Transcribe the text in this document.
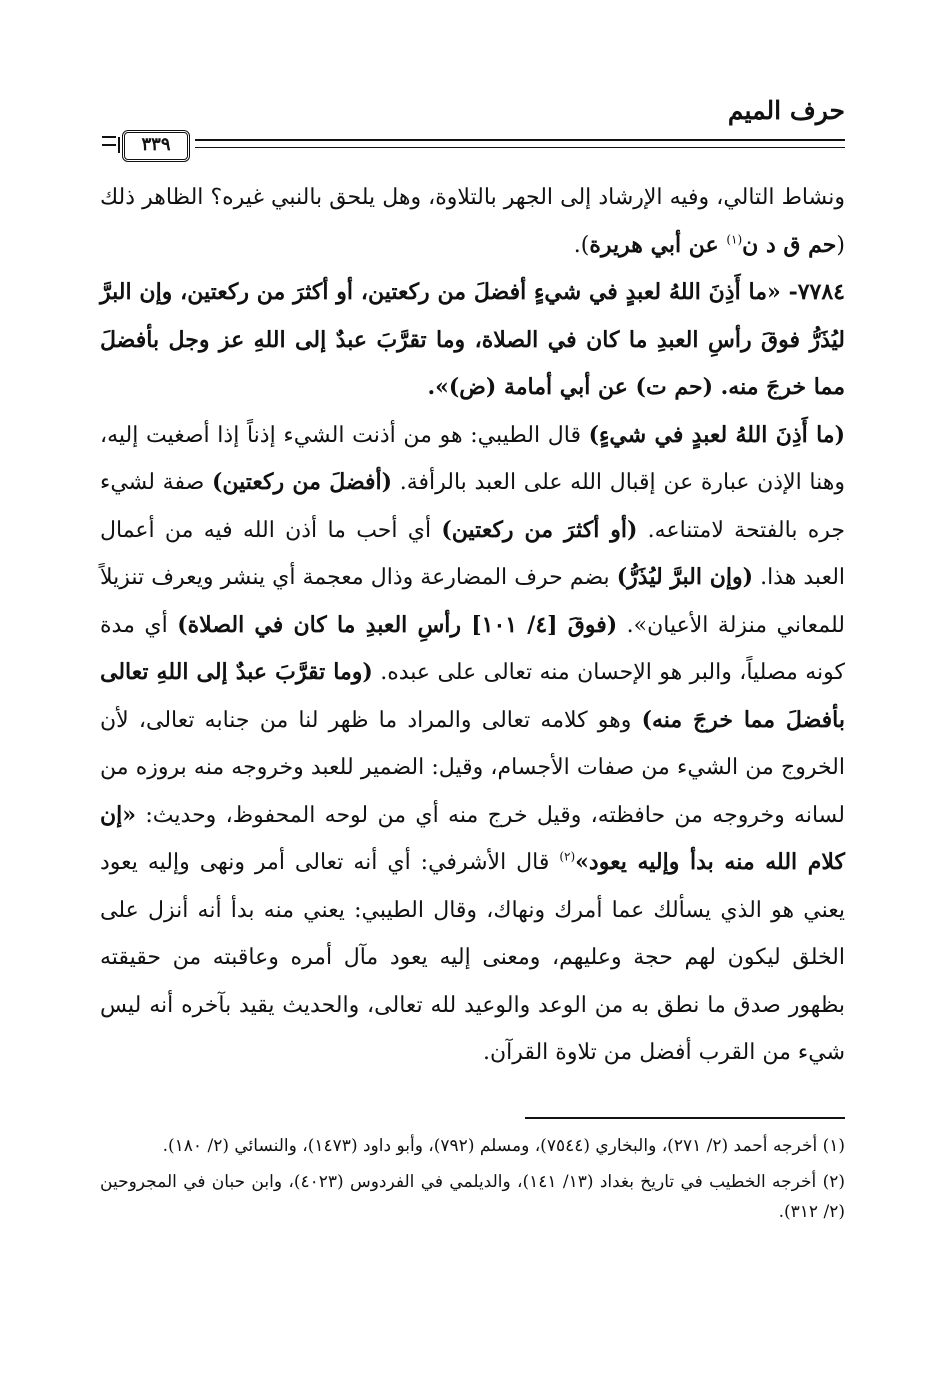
حرف الميم
٣٣٩

ونشاط التالي، وفيه الإرشاد إلى الجهر بالتلاوة، وهل يلحق بالنبي غيره؟ الظاهر ذلك (حم ق د ن$^{(١)}$ عن أبي هريرة).

٧٧٨٤- «ما أَذِنَ اللهُ لعبدٍ في شيءٍ أفضلَ من ركعتين، أو أكثرَ من ركعتين، وإن البرَّ ليُذَرُّ فوقَ رأسِ العبدِ ما كان في الصلاة، وما تقرَّبَ عبدٌ إلى اللهِ عز وجل بأفضلَ مما خرجَ منه. (حم ت) عن أبي أمامة (ض)».

(ما أَذِنَ اللهُ لعبدٍ في شيءٍ) قال الطيبي: هو من أذنت الشيء إذناً إذا أصغيت إليه، وهنا الإذن عبارة عن إقبال الله على العبد بالرأفة. (أفضلَ من ركعتين) صفة لشيء جره بالفتحة لامتناعه. (أو أكثرَ من ركعتين) أي أحب ما أذن الله فيه من أعمال العبد هذا. (وإن البرَّ ليُذَرُّ) بضم حرف المضارعة وذال معجمة أي ينشر ويعرف تنزيلاً للمعاني منزلة الأعيان». (فوقَ [٤/ ١٠١] رأسِ العبدِ ما كان في الصلاة) أي مدة كونه مصلياً، والبر هو الإحسان منه تعالى على عبده. (وما تقرَّبَ عبدٌ إلى اللهِ تعالى بأفضلَ مما خرجَ منه) وهو كلامه تعالى والمراد ما ظهر لنا من جنابه تعالى، لأن الخروج من الشيء من صفات الأجسام، وقيل: الضمير للعبد وخروجه منه بروزه من لسانه وخروجه من حافظته، وقيل خرج منه أي من لوحه المحفوظ، وحديث: «إن كلام الله منه بدأ وإليه يعود»$^{(٢)}$ قال الأشرفي: أي أنه تعالى أمر ونهى وإليه يعود يعني هو الذي يسألك عما أمرك ونهاك، وقال الطيبي: يعني منه بدأ أنه أنزل على الخلق ليكون لهم حجة وعليهم، ومعنى إليه يعود مآل أمره وعاقبته من حقيقته بظهور صدق ما نطق به من الوعد والوعيد لله تعالى، والحديث يقيد بآخره أنه ليس شيء من القرب أفضل من تلاوة القرآن.

(١) أخرجه أحمد (٢/ ٢٧١)، والبخاري (٧٥٤٤)، ومسلم (٧٩٢)، وأبو داود (١٤٧٣)، والنسائي (٢/ ١٨٠).

(٢) أخرجه الخطيب في تاريخ بغداد (١٣/ ١٤١)، والديلمي في الفردوس (٤٠٢٣)، وابن حبان في المجروحين (٢/ ٣١٢).
